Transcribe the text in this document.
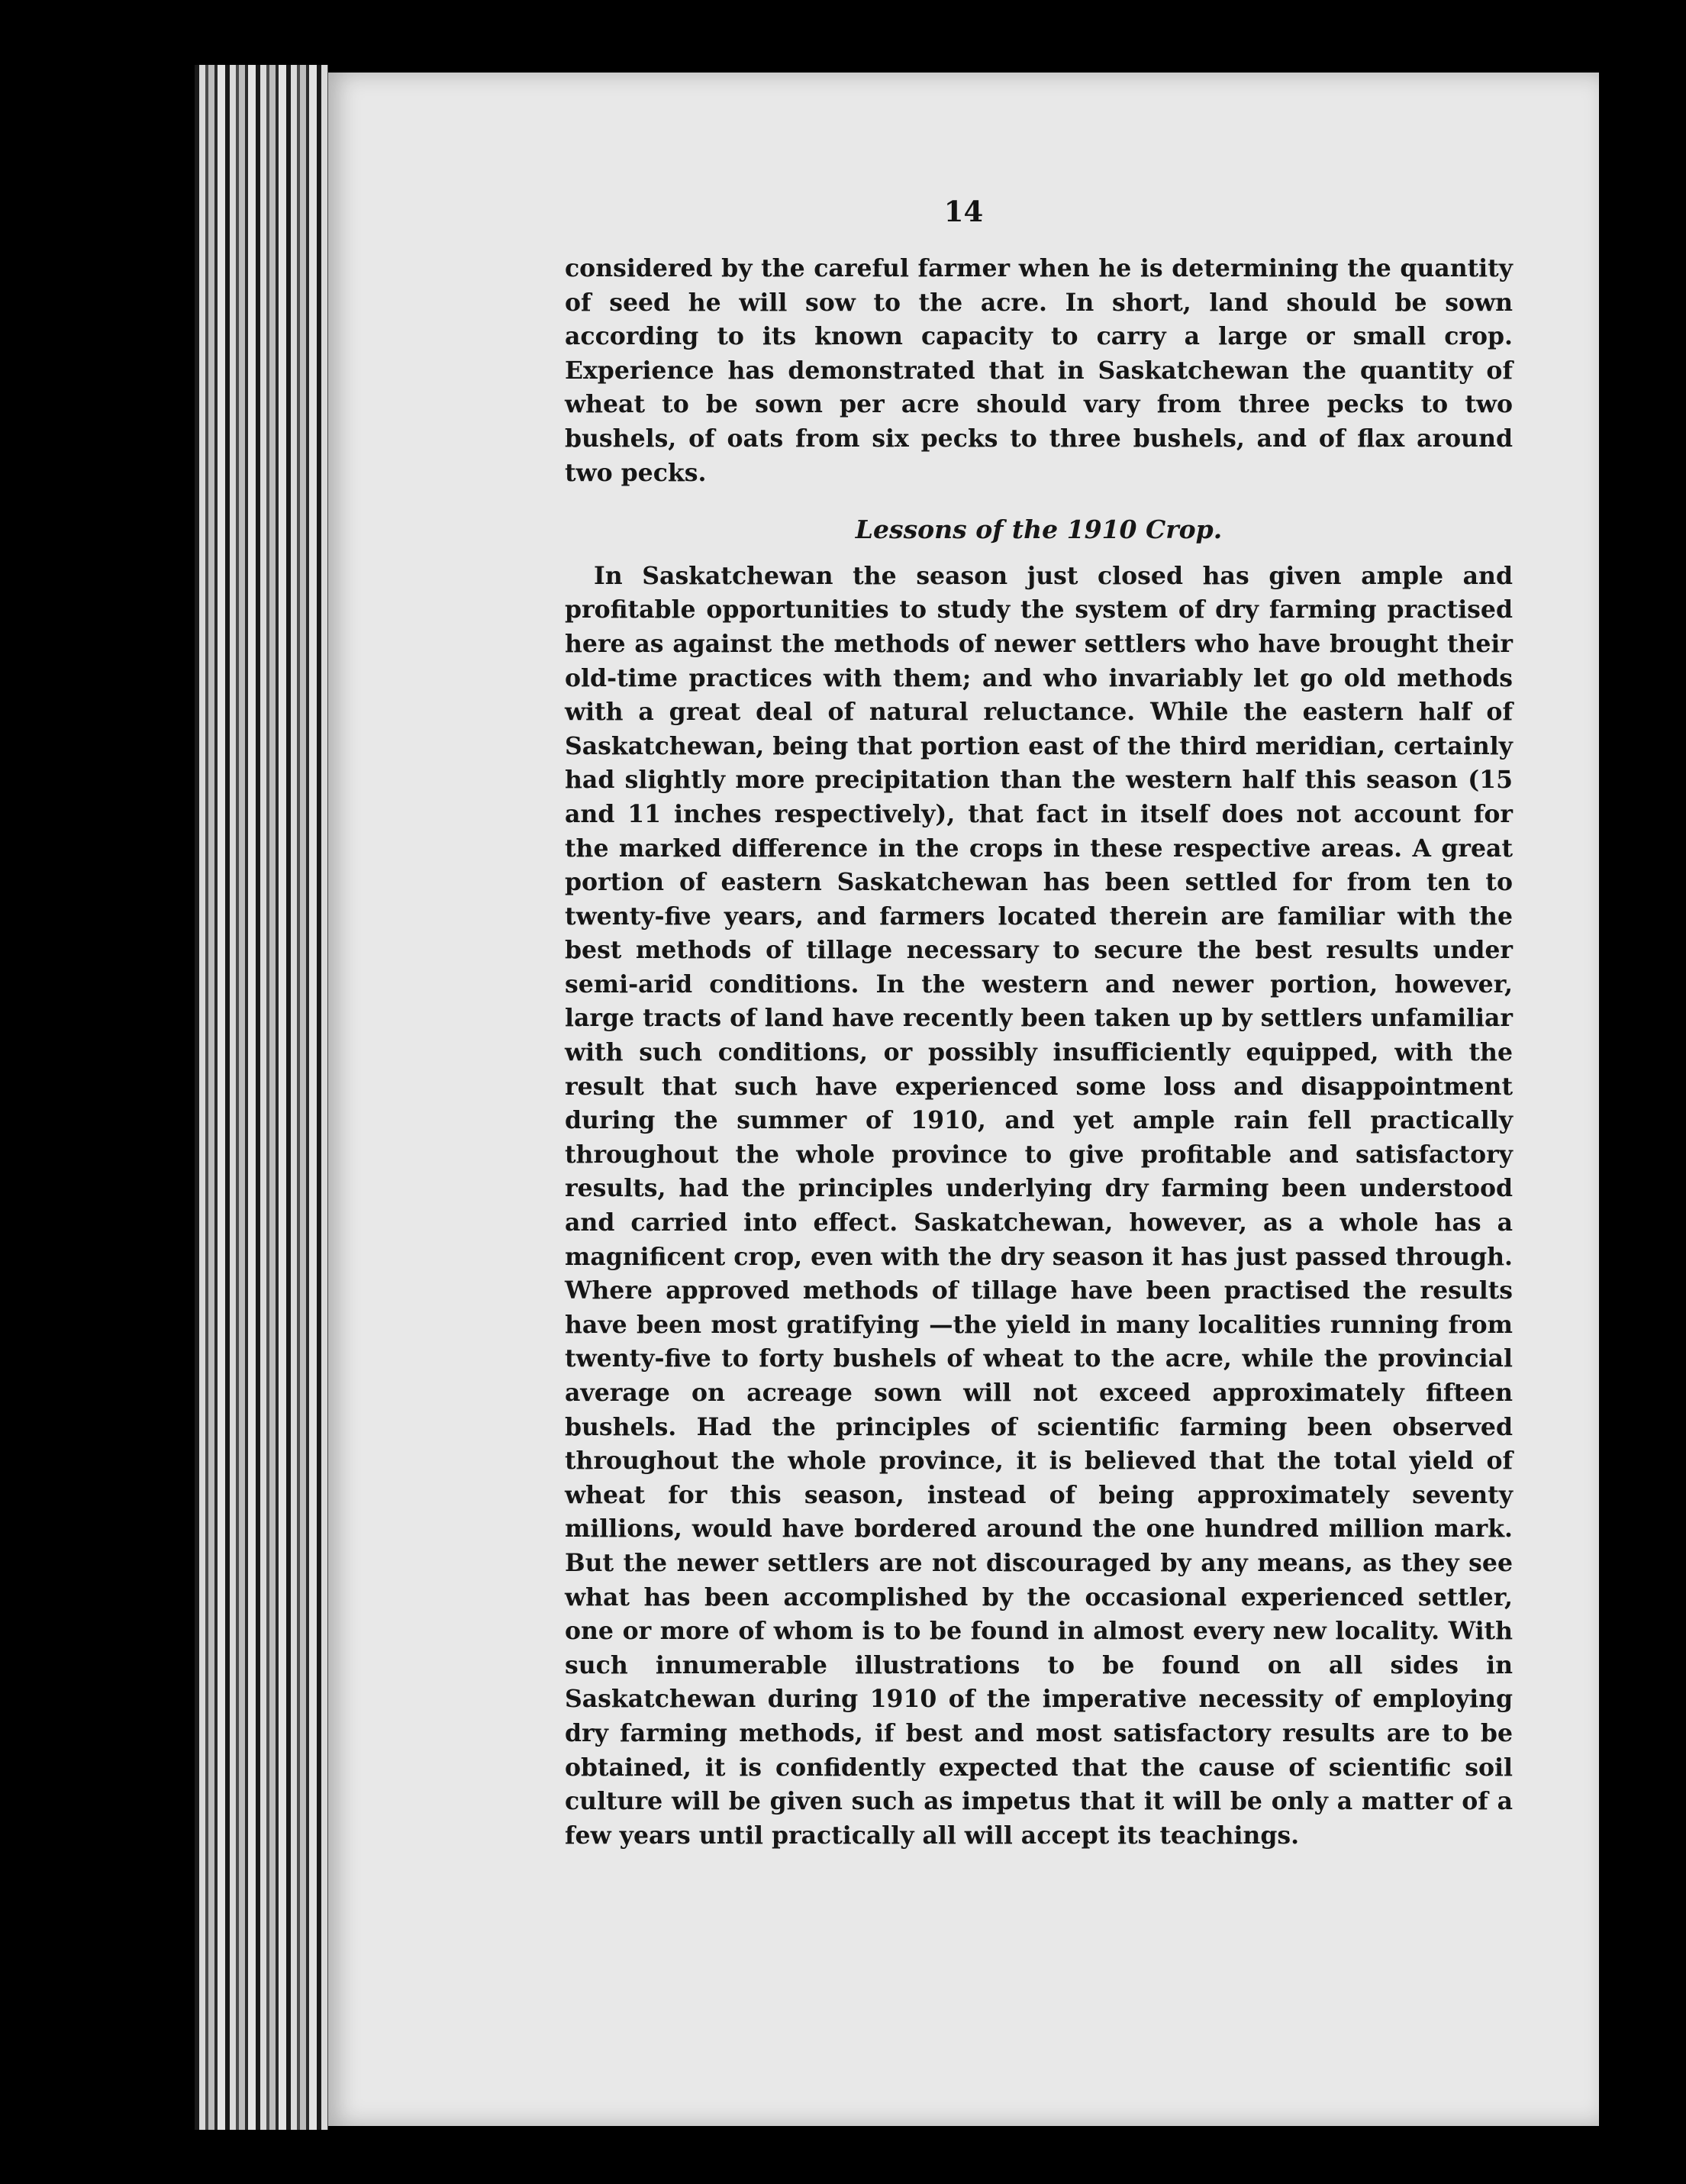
14

considered by the careful farmer when he is determining the quantity of seed he will sow to the acre. In short, land should be sown according to its known capacity to carry a large or small crop. Experience has demonstrated that in Saskatchewan the quantity of wheat to be sown per acre should vary from three pecks to two bushels, of oats from six pecks to three bushels, and of flax around two pecks.

Lessons of the 1910 Crop.

In Saskatchewan the season just closed has given ample and profitable opportunities to study the system of dry farming practised here as against the methods of newer settlers who have brought their old-time practices with them; and who invariably let go old methods with a great deal of natural reluctance. While the eastern half of Saskatchewan, being that portion east of the third meridian, certainly had slightly more precipitation than the western half this season (15 and 11 inches respectively), that fact in itself does not account for the marked difference in the crops in these respective areas. A great portion of eastern Saskatchewan has been settled for from ten to twenty-five years, and farmers located therein are familiar with the best methods of tillage necessary to secure the best results under semi-arid conditions. In the western and newer portion, however, large tracts of land have recently been taken up by settlers unfamiliar with such conditions, or possibly insufficiently equipped, with the result that such have experienced some loss and disappointment during the summer of 1910, and yet ample rain fell practically throughout the whole province to give profitable and satisfactory results, had the principles underlying dry farming been understood and carried into effect. Saskatchewan, however, as a whole has a magnificent crop, even with the dry season it has just passed through. Where approved methods of tillage have been practised the results have been most gratifying —the yield in many localities running from twenty-five to forty bushels of wheat to the acre, while the provincial average on acreage sown will not exceed approximately fifteen bushels. Had the principles of scientific farming been observed throughout the whole province, it is believed that the total yield of wheat for this season, instead of being approximately seventy millions, would have bordered around the one hundred million mark. But the newer settlers are not discouraged by any means, as they see what has been accomplished by the occasional experienced settler, one or more of whom is to be found in almost every new locality. With such innumerable illustrations to be found on all sides in Saskatchewan during 1910 of the imperative necessity of employing dry farming methods, if best and most satisfactory results are to be obtained, it is confidently expected that the cause of scientific soil culture will be given such as impetus that it will be only a matter of a few years until practically all will accept its teachings.
